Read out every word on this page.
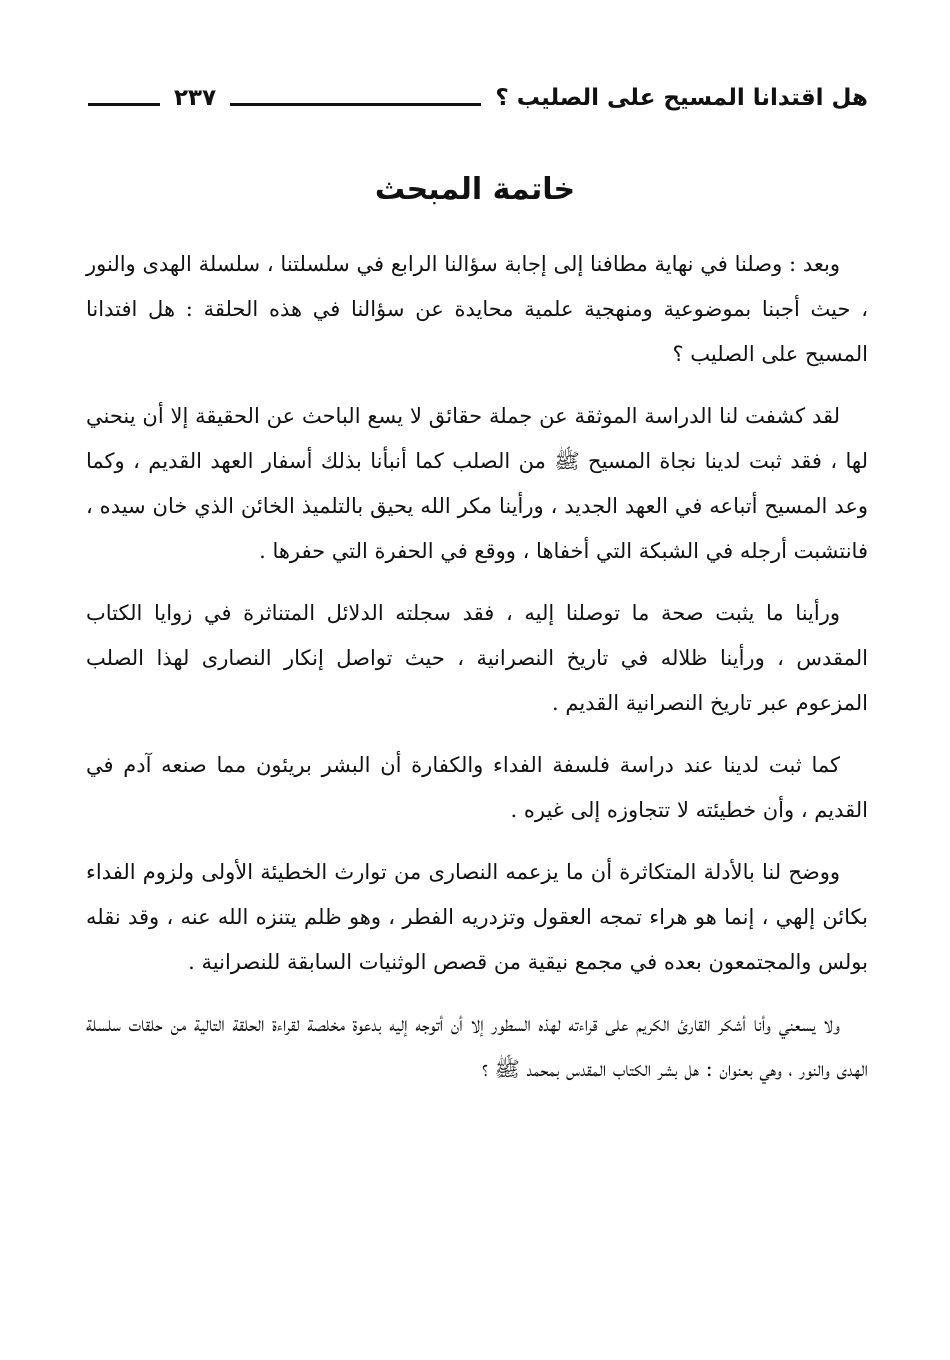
هل اقتدانا المسيح على الصليب ؟
٢٣٧
خاتمة المبحث

وبعد : وصلنا في نهاية مطافنا إلى إجابة سؤالنا الرابع في سلسلتنا ، سلسلة الهدى والنور ، حيث أجبنا بموضوعية ومنهجية علمية محايدة عن سؤالنا في هذه الحلقة : هل افتدانا المسيح على الصليب ؟

لقد كشفت لنا الدراسة الموثقة عن جملة حقائق لا يسع الباحث عن الحقيقة إلا أن ينحني لها ، فقد ثبت لدينا نجاة المسيح ﷺ من الصلب كما أنبأنا بذلك أسفار العهد القديم ، وكما وعد المسيح أتباعه في العهد الجديد ، ورأينا مكر الله يحيق بالتلميذ الخائن الذي خان سيده ، فانتشبت أرجله في الشبكة التي أخفاها ، ووقع في الحفرة التي حفرها .

ورأينا ما يثبت صحة ما توصلنا إليه ، فقد سجلته الدلائل المتناثرة في زوايا الكتاب المقدس ، ورأينا ظلاله في تاريخ النصرانية ، حيث تواصل إنكار النصارى لهذا الصلب المزعوم عبر تاريخ النصرانية القديم .

كما ثبت لدينا عند دراسة فلسفة الفداء والكفارة أن البشر بريئون مما صنعه آدم في القديم ، وأن خطيئته لا تتجاوزه إلى غيره .

ووضح لنا بالأدلة المتكاثرة أن ما يزعمه النصارى من توارث الخطيئة الأولى ولزوم الفداء بكائن إلهي ، إنما هو هراء تمجه العقول وتزدريه الفطر ، وهو ظلم يتنزه الله عنه ، وقد نقله بولس والمجتمعون بعده في مجمع نيقية من قصص الوثنيات السابقة للنصرانية .

ولا يسعني وأنا أشكر القارئ الكريم على قراءته لهذه السطور إلا أن أتوجه إليه بدعوة مخلصة لقراءة الحلقة التالية من حلقات سلسلة الهدى والنور ، وهي بعنوان : هل بشر الكتاب المقدس بمحمد ﷺ ؟
